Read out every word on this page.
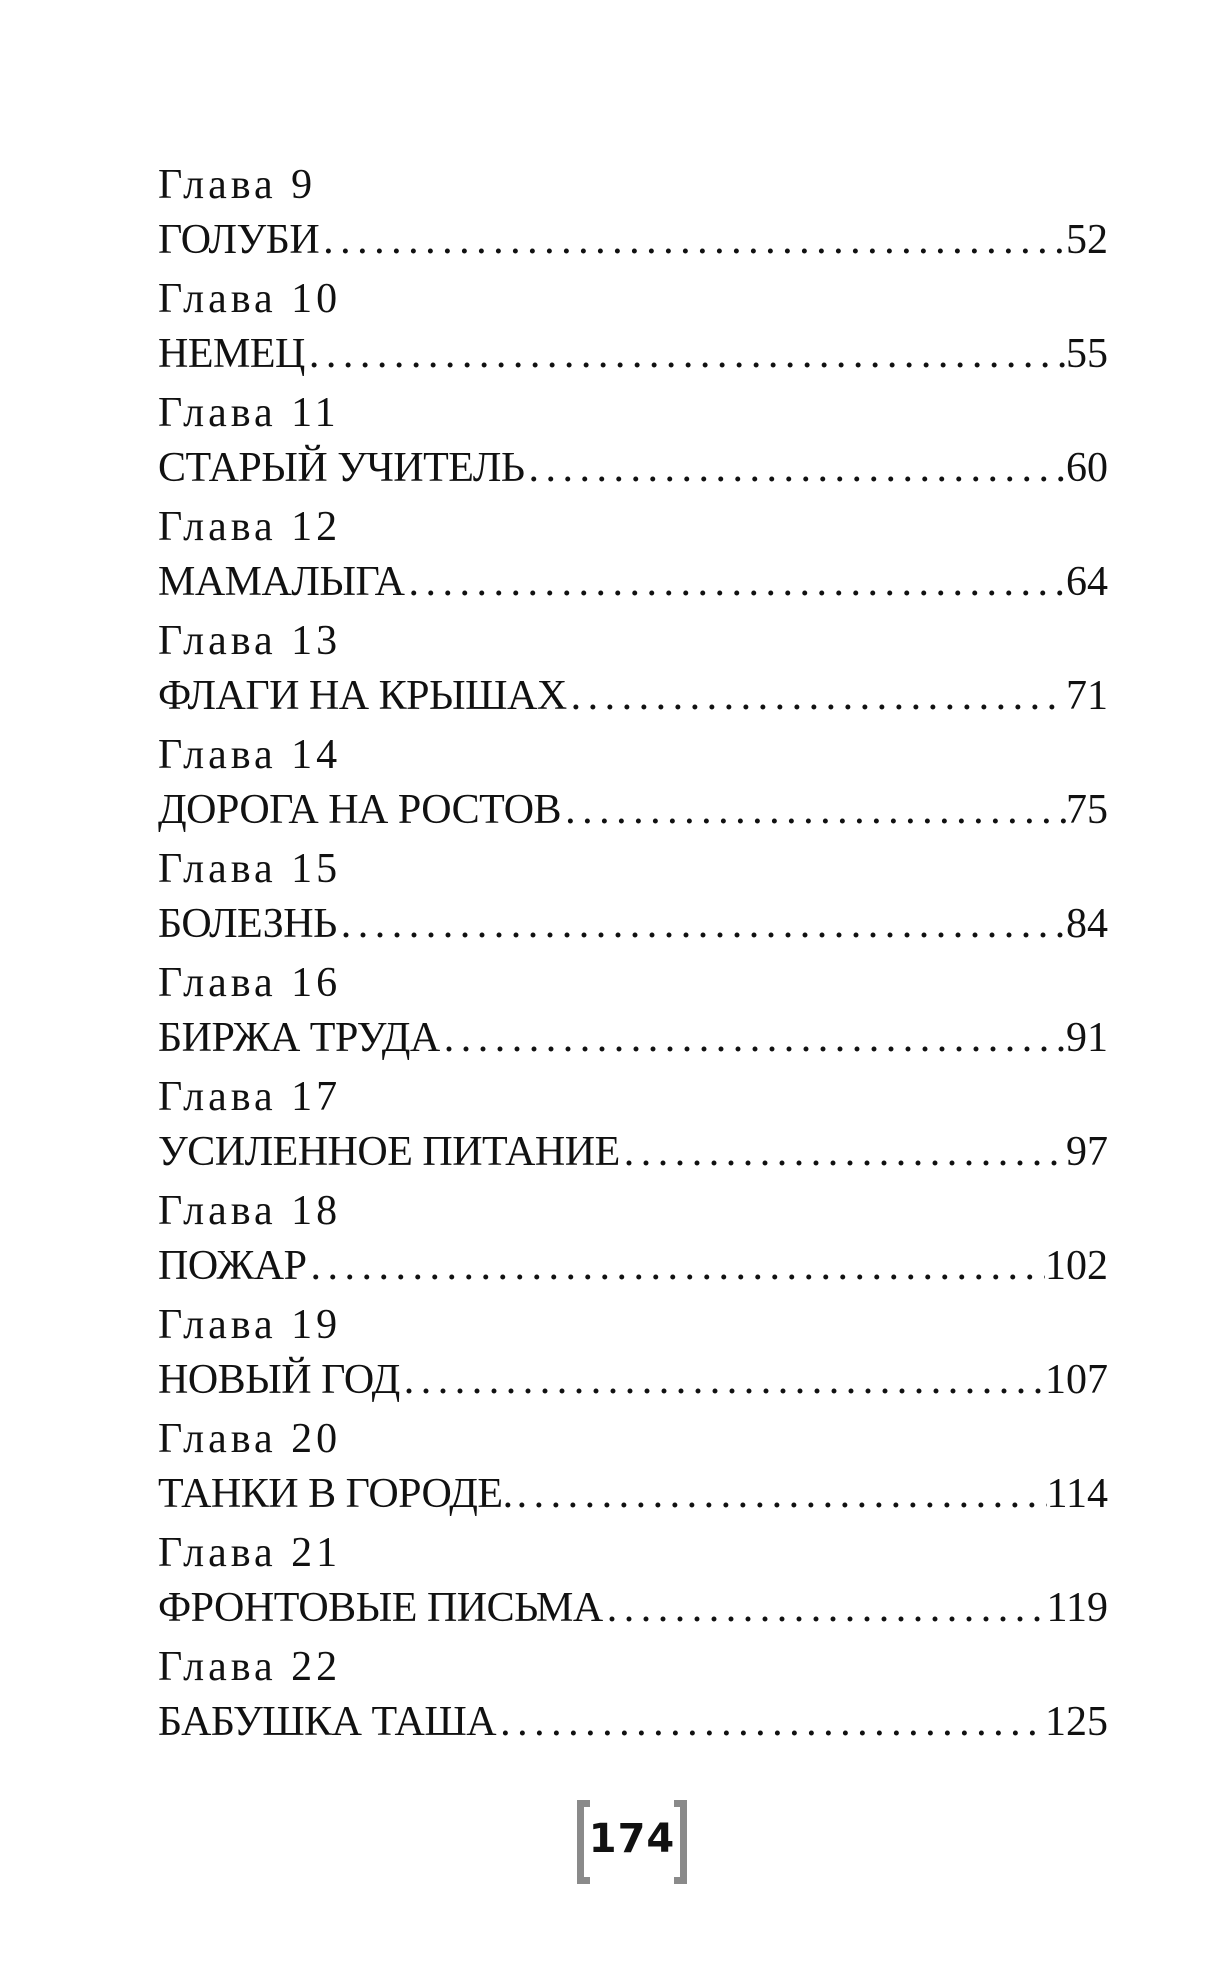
Глава 9
ГОЛУБИ . . .	52
Глава 10
НЕМЕЦ . . .	55
Глава 11
СТАРЫЙ УЧИТЕЛЬ . . .	60
Глава 12
МАМАЛЫГА . . .	64
Глава 13
ФЛАГИ НА КРЫШАХ . . .	71
Глава 14
ДОРОГА НА РОСТОВ . . .	75
Глава 15
БОЛЕЗНЬ . . .	84
Глава 16
БИРЖА ТРУДА . . .	91
Глава 17
УСИЛЕННОЕ ПИТАНИЕ . . .	97
Глава 18
ПОЖАР . . .	102
Глава 19
НОВЫЙ ГОД . . .	107
Глава 20
ТАНКИ В ГОРОДЕ. . . .	114
Глава 21
ФРОНТОВЫЕ ПИСЬМА . . .	119
Глава 22
БАБУШКА ТАША . . .	125
174
